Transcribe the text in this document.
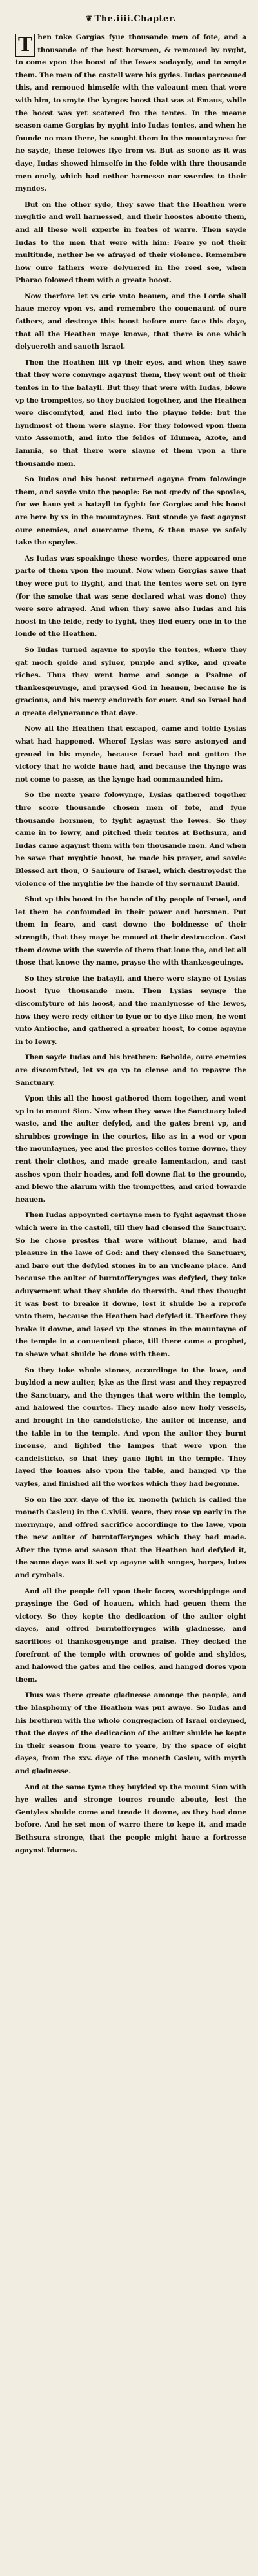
❦ The.iiii.Chapter.

T hen toke Gorgias fyue thousande men of fote, and a thousande of the best horsmen, & remoued by nyght, to come vpon the hoost of the Iewes sodaynly, and to smyte them. The men of the castell were his gydes. Iudas perceaued this, and remoued himselfe with the valeaunt men that were with him, to smyte the kynges hoost that was at Emaus, while the hoost was yet scatered fro the tentes. In the meane season came Gorgias by nyght into Iudas tentes, and when he founde no man there, he sought them in the mountaynes: for he sayde, these felowes flye from vs. But as soone as it was daye, Iudas shewed himselfe in the felde with thre thousande men onely, which had nether harnesse nor swerdes to their myndes.

But on the other syde, they sawe that the Heathen were myghtie and well harnessed, and their hoostes aboute them, and all these well experte in feates of warre. Then sayde Iudas to the men that were with him: Feare ye not their multitude, nether be ye afrayed of their violence. Remembre how oure fathers were delyuered in the reed see, when Pharao folowed them with a greate hoost.

Now therfore let vs crie vnto heauen, and the Lorde shall haue mercy vpon vs, and remembre the couenaunt of oure fathers, and destroye this hoost before oure face this daye, that all the Heathen maye knowe, that there is one which delyuereth and saueth Israel.

Then the Heathen lift vp their eyes, and when they sawe that they were comynge agaynst them, they went out of their tentes in to the batayll. But they that were with Iudas, blewe vp the trompettes, so they buckled together, and the Heathen were discomfyted, and fled into the playne felde: but the hyndmost of them were slayne. For they folowed vpon them vnto Assemoth, and into the feldes of Idumea, Azote, and Iamnia, so that there were slayne of them vpon a thre thousande men.

So Iudas and his hoost returned agayne from folowinge them, and sayde vnto the people: Be not gredy of the spoyles, for we haue yet a batayll to fyght: for Gorgias and his hoost are here by vs in the mountaynes. But stonde ye fast agaynst oure enemies, and ouercome them, & then maye ye safely take the spoyles.

As Iudas was speakinge these wordes, there appeared one parte of them vpon the mount. Now when Gorgias sawe that they were put to flyght, and that the tentes were set on fyre (for the smoke that was sene declared what was done) they were sore afrayed. And when they sawe also Iudas and his hoost in the felde, redy to fyght, they fled euery one in to the londe of the Heathen.

So Iudas turned agayne to spoyle the tentes, where they gat moch golde and syluer, purple and sylke, and greate riches. Thus they went home and songe a Psalme of thankesgeuynge, and praysed God in heauen, because he is gracious, and his mercy endureth for euer. And so Israel had a greate delyueraunce that daye.

Now all the Heathen that escaped, came and tolde Lysias what had happened. Wherof Lysias was sore astonyed and greued in his mynde, because Israel had not gotten the victory that he wolde haue had, and because the thynge was not come to passe, as the kynge had commaunded him.

So the nexte yeare folowynge, Lysias gathered together thre score thousande chosen men of fote, and fyue thousande horsmen, to fyght agaynst the Iewes. So they came in to Iewry, and pitched their tentes at Bethsura, and Iudas came agaynst them with ten thousande men. And when he sawe that myghtie hoost, he made his prayer, and sayde: Blessed art thou, O Sauioure of Israel, which destroyedst the violence of the myghtie by the hande of thy seruaunt Dauid.

Shut vp this hoost in the hande of thy people of Israel, and let them be confounded in their power and horsmen. Put them in feare, and cast downe the boldnesse of their strength, that they maye be moued at their destruccion. Cast them downe with the swerde of them that loue the, and let all those that knowe thy name, prayse the with thankesgeuinge.

So they stroke the batayll, and there were slayne of Lysias hoost fyue thousande men. Then Lysias seynge the discomfyture of his hoost, and the manlynesse of the Iewes, how they were redy either to lyue or to dye like men, he went vnto Antioche, and gathered a greater hoost, to come agayne in to Iewry.

Then sayde Iudas and his brethren: Beholde, oure enemies are discomfyted, let vs go vp to clense and to repayre the Sanctuary.

Vpon this all the hoost gathered them together, and went vp in to mount Sion. Now when they sawe the Sanctuary laied waste, and the aulter defyled, and the gates brent vp, and shrubbes growinge in the courtes, like as in a wod or vpon the mountaynes, yee and the prestes celles torne downe, they rent their clothes, and made greate lamentacion, and cast asshes vpon their heades, and fell downe flat to the grounde, and blewe the alarum with the trompettes, and cried towarde heauen.

Then Iudas appoynted certayne men to fyght agaynst those which were in the castell, till they had clensed the Sanctuary. So he chose prestes that were without blame, and had pleasure in the lawe of God: and they clensed the Sanctuary, and bare out the defyled stones in to an vncleane place. And because the aulter of burntofferynges was defyled, they toke aduysement what they shulde do therwith. And they thought it was best to breake it downe, lest it shulde be a reprofe vnto them, because the Heathen had defyled it. Therfore they brake it downe, and layed vp the stones in the mountayne of the temple in a conuenient place, till there came a prophet, to shewe what shulde be done with them.

So they toke whole stones, accordinge to the lawe, and buylded a new aulter, lyke as the first was: and they repayred the Sanctuary, and the thynges that were within the temple, and halowed the courtes. They made also new holy vessels, and brought in the candelsticke, the aulter of incense, and the table in to the temple. And vpon the aulter they burnt incense, and lighted the lampes that were vpon the candelsticke, so that they gaue light in the temple. They layed the loaues also vpon the table, and hanged vp the vayles, and finished all the workes which they had begonne.

So on the xxv. daye of the ix. moneth (which is called the moneth Casleu) in the C.xlviii. yeare, they rose vp early in the mornynge, and offred sacrifice accordinge to the lawe, vpon the new aulter of burntofferynges which they had made. After the tyme and season that the Heathen had defyled it, the same daye was it set vp agayne with songes, harpes, lutes and cymbals.

And all the people fell vpon their faces, worshippinge and praysinge the God of heauen, which had geuen them the victory. So they kepte the dedicacion of the aulter eight dayes, and offred burntofferynges with gladnesse, and sacrifices of thankesgeuynge and praise. They decked the forefront of the temple with crownes of golde and shyldes, and halowed the gates and the celles, and hanged dores vpon them.

Thus was there greate gladnesse amonge the people, and the blasphemy of the Heathen was put awaye. So Iudas and his brethren with the whole congregacion of Israel ordeyned, that the dayes of the dedicacion of the aulter shulde be kepte in their season from yeare to yeare, by the space of eight dayes, from the xxv. daye of the moneth Casleu, with myrth and gladnesse.

And at the same tyme they buylded vp the mount Sion with hye walles and stronge toures rounde aboute, lest the Gentyles shulde come and treade it downe, as they had done before. And he set men of warre there to kepe it, and made Bethsura stronge, that the people might haue a fortresse agaynst Idumea.
